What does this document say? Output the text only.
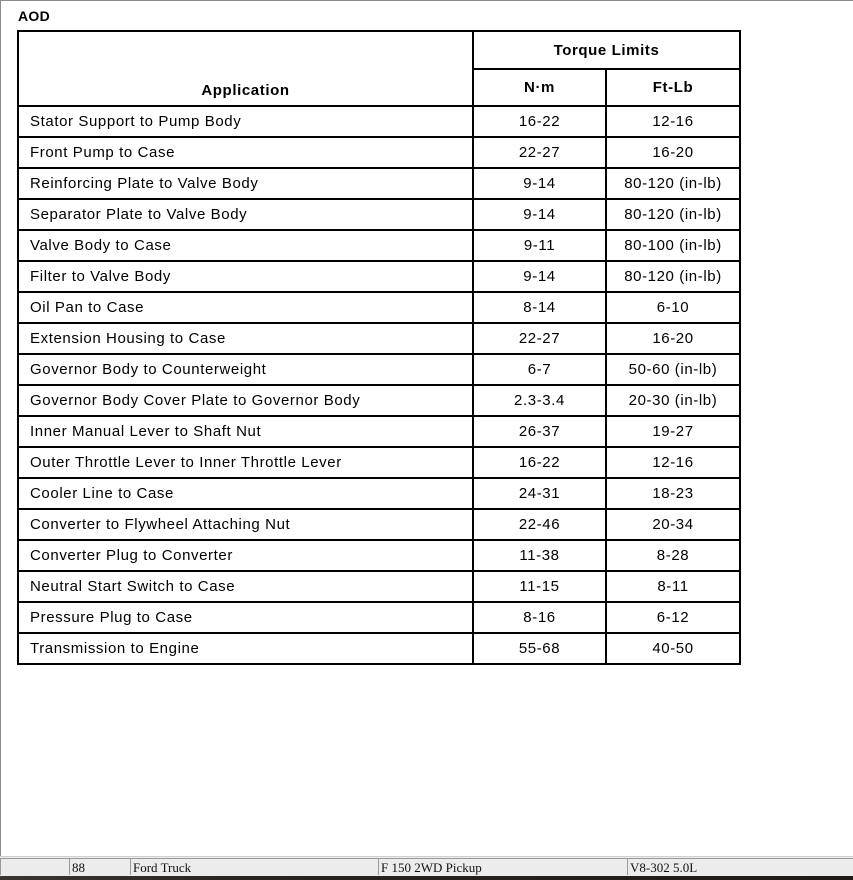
AOD
Application	Torque Limits	
	N·m	Ft-Lb
Stator Support to Pump Body	16-22	12-16
Front Pump to Case	22-27	16-20
Reinforcing Plate to Valve Body	9-14	80-120 (in-lb)
Separator Plate to Valve Body	9-14	80-120 (in-lb)
Valve Body to Case	9-11	80-100 (in-lb)
Filter to Valve Body	9-14	80-120 (in-lb)
Oil Pan to Case	8-14	6-10
Extension Housing to Case	22-27	16-20
Governor Body to Counterweight	6-7	50-60 (in-lb)
Governor Body Cover Plate to Governor Body	2.3-3.4	20-30 (in-lb)
Inner Manual Lever to Shaft Nut	26-37	19-27
Outer Throttle Lever to Inner Throttle Lever	16-22	12-16
Cooler Line to Case	24-31	18-23
Converter to Flywheel Attaching Nut	22-46	20-34
Converter Plug to Converter	11-38	8-28
Neutral Start Switch to Case	11-15	8-11
Pressure Plug to Case	8-16	6-12
Transmission to Engine	55-68	40-50
88	Ford Truck	F 150 2WD Pickup	V8-302 5.0L
